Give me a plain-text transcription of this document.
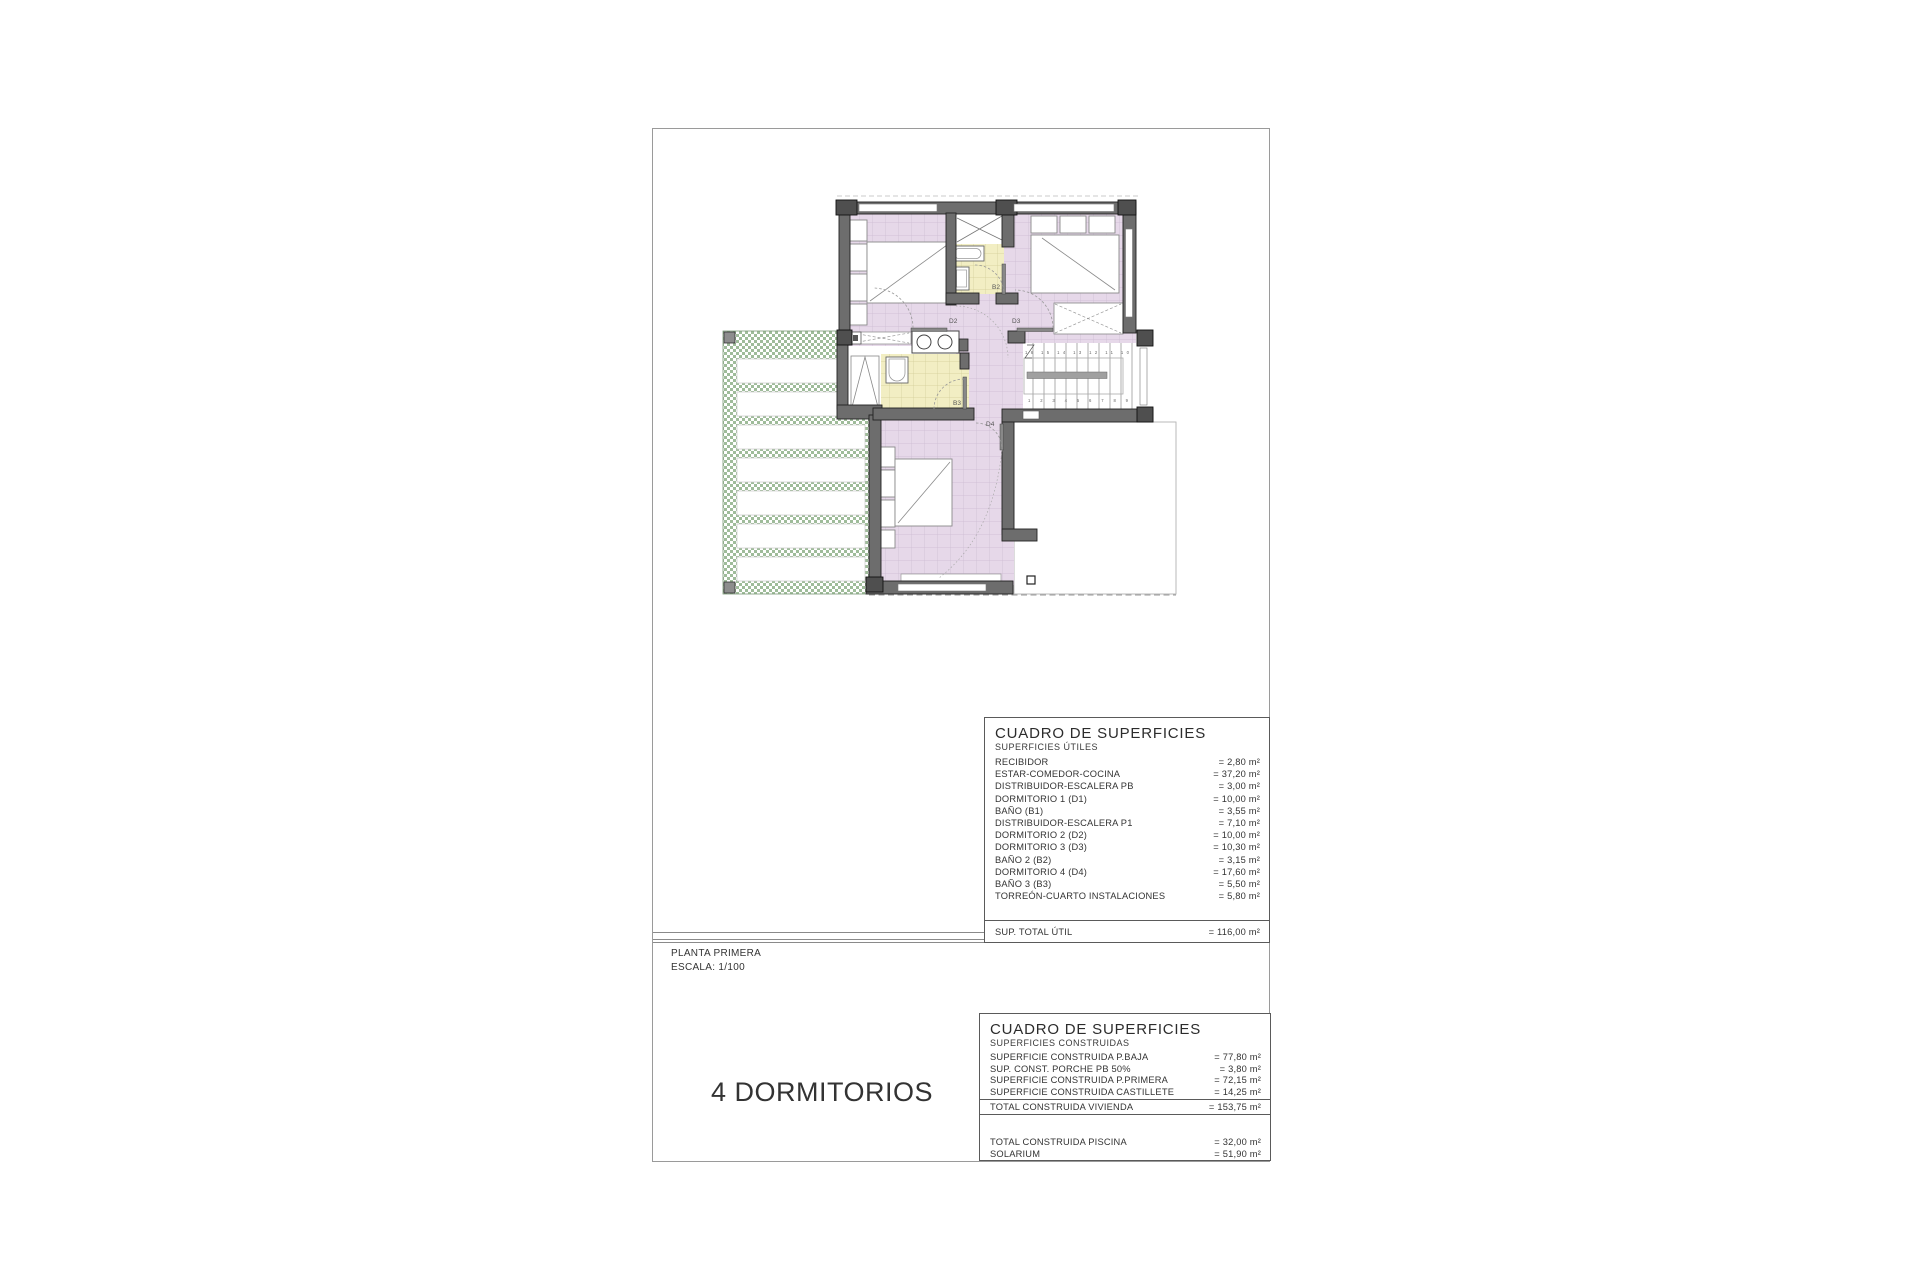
16 15 14 13 12 11 10
1 2 3 4 5 6 7 8 9
D2	D3
B2
B3
D4
CUADRO DE SUPERFICIES
SUPERFICIES ÚTILES
RECIBIDOR	= 2,80 m²
ESTAR-COMEDOR-COCINA	= 37,20 m²
DISTRIBUIDOR-ESCALERA PB	= 3,00 m²
DORMITORIO 1 (D1)	= 10,00 m²
BAÑO (B1)	= 3,55 m²
DISTRIBUIDOR-ESCALERA P1	= 7,10 m²
DORMITORIO 2 (D2)	= 10,00 m²
DORMITORIO 3 (D3)	= 10,30 m²
BAÑO 2 (B2)	= 3,15 m²
DORMITORIO 4 (D4)	= 17,60 m²
BAÑO 3 (B3)	= 5,50 m²
TORREÓN-CUARTO INSTALACIONES	= 5,80 m²
SUP. TOTAL ÚTIL	= 116,00 m²
PLANTA PRIMERA
ESCALA: 1/100
4 DORMITORIOS
CUADRO DE SUPERFICIES
SUPERFICIES CONSTRUIDAS
SUPERFICIE CONSTRUIDA P.BAJA	= 77,80 m²
SUP. CONST. PORCHE PB 50%	= 3,80 m²
SUPERFICIE CONSTRUIDA P.PRIMERA	= 72,15 m²
SUPERFICIE CONSTRUIDA CASTILLETE	= 14,25 m²
TOTAL CONSTRUIDA VIVIENDA	= 153,75 m²
TOTAL CONSTRUIDA PISCINA	= 32,00 m²
SOLARIUM	= 51,90 m²
